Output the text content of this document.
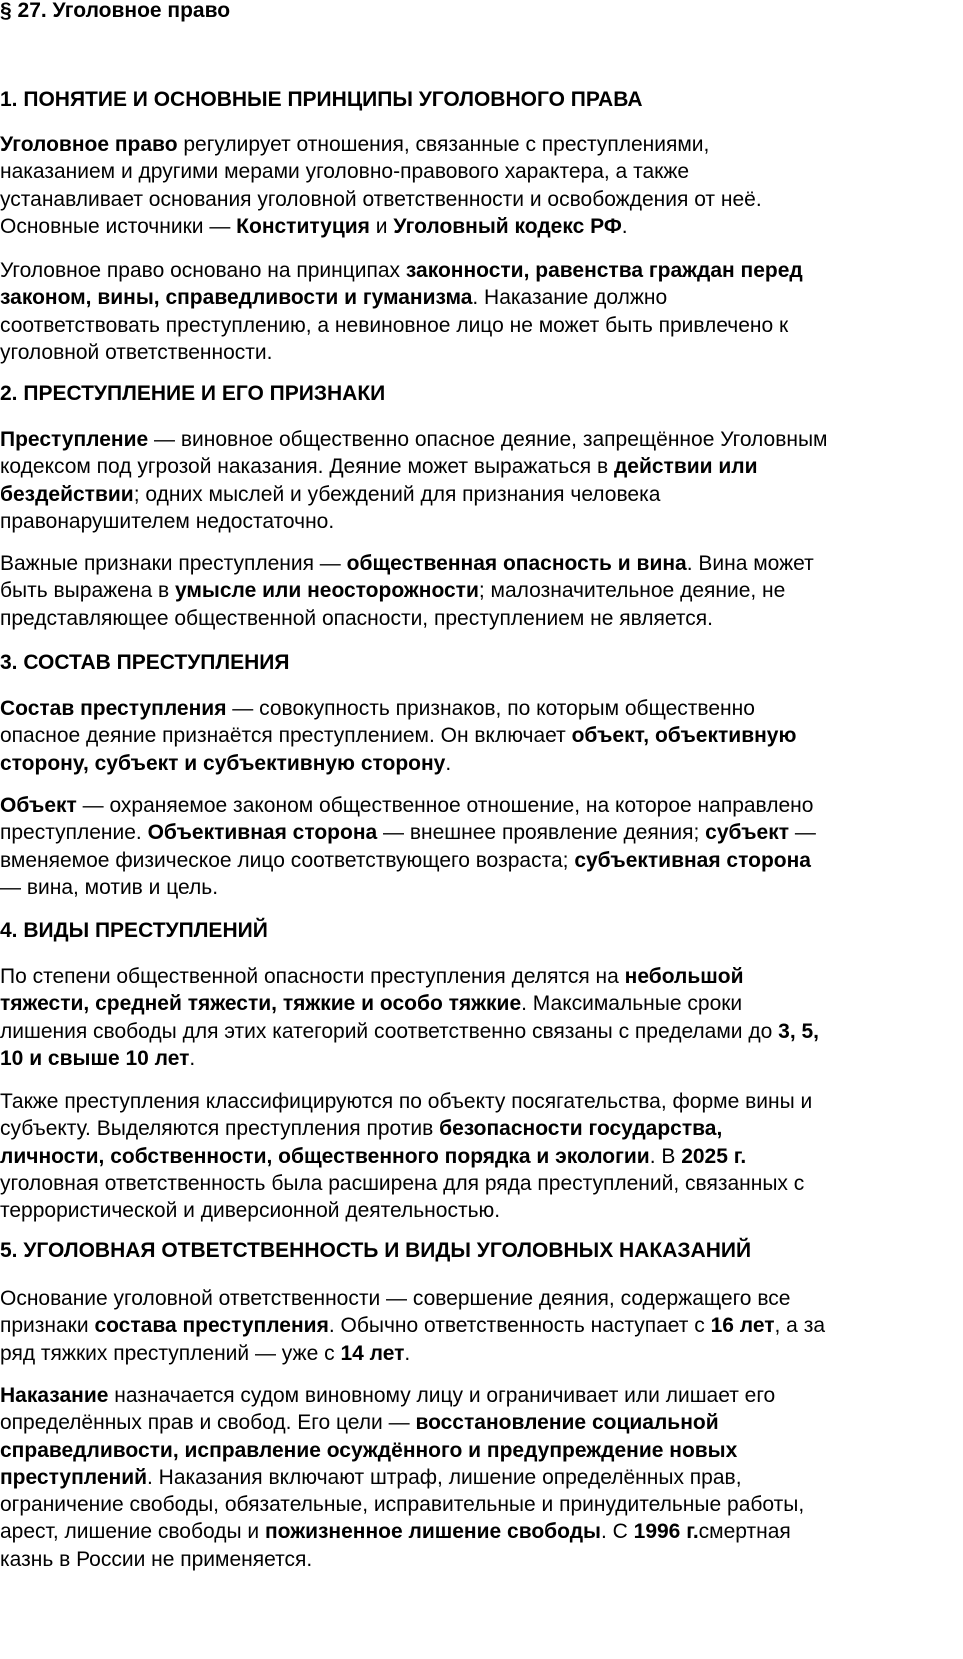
§ 27. Уголовное право
1. ПОНЯТИЕ И ОСНОВНЫЕ ПРИНЦИПЫ УГОЛОВНОГО ПРАВА
Уголовное право регулирует отношения, связанные с преступлениями,
наказанием и другими мерами уголовно-правового характера, а также
устанавливает основания уголовной ответственности и освобождения от неё.
Основные источники — Конституция и Уголовный кодекс РФ.
Уголовное право основано на принципах законности, равенства граждан перед
законом, вины, справедливости и гуманизма. Наказание должно
соответствовать преступлению, а невиновное лицо не может быть привлечено к
уголовной ответственности.
2. ПРЕСТУПЛЕНИЕ И ЕГО ПРИЗНАКИ
Преступление — виновное общественно опасное деяние, запрещённое Уголовным
кодексом под угрозой наказания. Деяние может выражаться в действии или
бездействии; одних мыслей и убеждений для признания человека
правонарушителем недостаточно.
Важные признаки преступления — общественная опасность и вина. Вина может
быть выражена в умысле или неосторожности; малозначительное деяние, не
представляющее общественной опасности, преступлением не является.
3. СОСТАВ ПРЕСТУПЛЕНИЯ
Состав преступления — совокупность признаков, по которым общественно
опасное деяние признаётся преступлением. Он включает объект, объективную
сторону, субъект и субъективную сторону.
Объект — охраняемое законом общественное отношение, на которое направлено
преступление. Объективная сторона — внешнее проявление деяния; субъект —
вменяемое физическое лицо соответствующего возраста; субъективная сторона
— вина, мотив и цель.
4. ВИДЫ ПРЕСТУПЛЕНИЙ
По степени общественной опасности преступления делятся на небольшой
тяжести, средней тяжести, тяжкие и особо тяжкие. Максимальные сроки
лишения свободы для этих категорий соответственно связаны с пределами до 3, 5,
10 и свыше 10 лет.
Также преступления классифицируются по объекту посягательства, форме вины и
субъекту. Выделяются преступления против безопасности государства,
личности, собственности, общественного порядка и экологии. В 2025 г.
уголовная ответственность была расширена для ряда преступлений, связанных с
террористической и диверсионной деятельностью.
5. УГОЛОВНАЯ ОТВЕТСТВЕННОСТЬ И ВИДЫ УГОЛОВНЫХ НАКАЗАНИЙ
Основание уголовной ответственности — совершение деяния, содержащего все
признаки состава преступления. Обычно ответственность наступает с 16 лет, а за
ряд тяжких преступлений — уже с 14 лет.
Наказание назначается судом виновному лицу и ограничивает или лишает его
определённых прав и свобод. Его цели — восстановление социальной
справедливости, исправление осуждённого и предупреждение новых
преступлений. Наказания включают штраф, лишение определённых прав,
ограничение свободы, обязательные, исправительные и принудительные работы,
арест, лишение свободы и пожизненное лишение свободы. С 1996 г.смертная
казнь в России не применяется.
